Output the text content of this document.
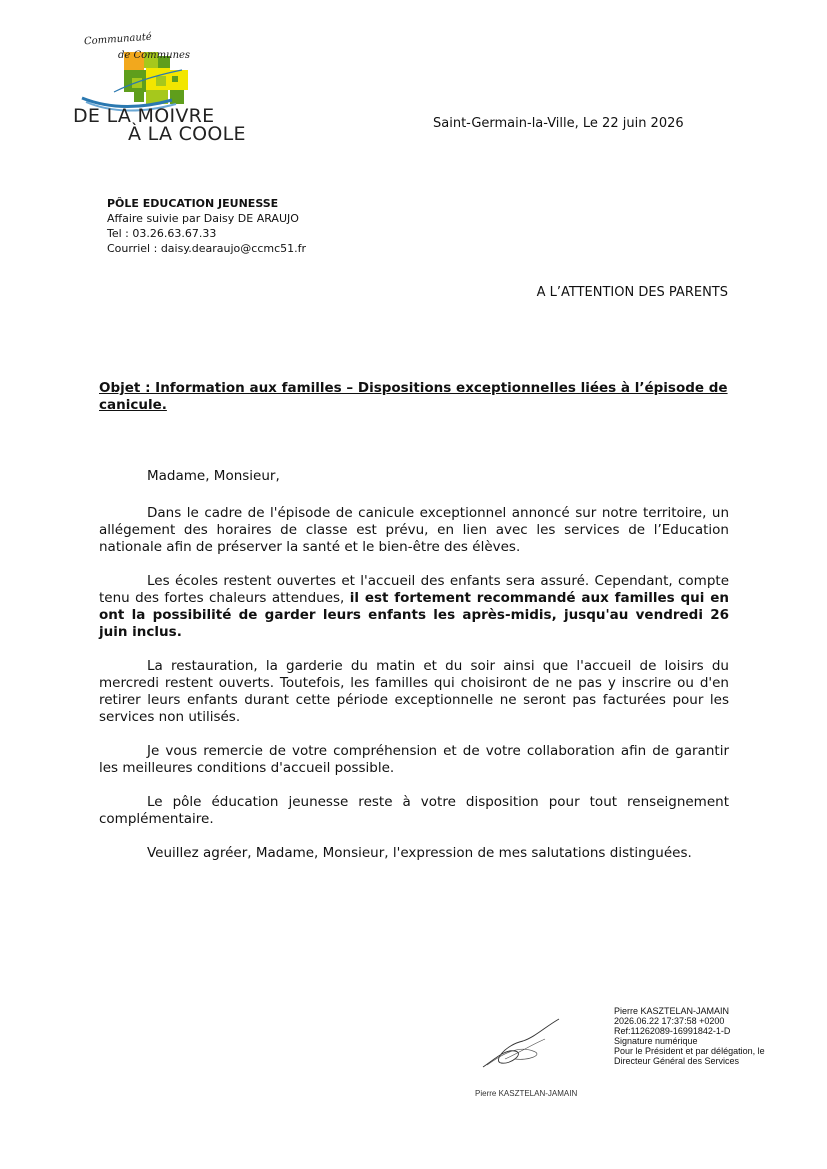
Communauté
de Communes
DE LA MOIVRE
À LA COOLE	Saint-Germain-la-Ville, Le 22 juin 2026
PÔLE EDUCATION JEUNESSE
Affaire suivie par Daisy DE ARAUJO
Tel : 03.26.63.67.33
Courriel : daisy.dearaujo@ccmc51.fr
A L’ATTENTION DES PARENTS
Objet : Information aux familles – Dispositions exceptionnelles liées à l’épisode de canicule.

Madame, Monsieur,

Dans le cadre de l'épisode de canicule exceptionnel annoncé sur notre territoire, un allégement des horaires de classe est prévu, en lien avec les services de l’Education nationale afin de préserver la santé et le bien-être des élèves.

Les écoles restent ouvertes et l'accueil des enfants sera assuré. Cependant, compte tenu des fortes chaleurs attendues, il est fortement recommandé aux familles qui en ont la possibilité de garder leurs enfants les après-midis, jusqu'au vendredi 26 juin inclus.

La restauration, la garderie du matin et du soir ainsi que l'accueil de loisirs du mercredi restent ouverts. Toutefois, les familles qui choisiront de ne pas y inscrire ou d'en retirer leurs enfants durant cette période exceptionnelle ne seront pas facturées pour les services non utilisés.

Je vous remercie de votre compréhension et de votre collaboration afin de garantir les meilleures conditions d'accueil possible.

Le pôle éducation jeunesse reste à votre disposition pour tout renseignement complémentaire.

Veuillez agréer, Madame, Monsieur, l'expression de mes salutations distinguées.

Pierre KASZTELAN-JAMAIN
2026.06.22 17:37:58 +0200
Ref:11262089-16991842-1-D
Signature numérique
Pour le Président et par délégation, le
Directeur Général des Services
Pierre KASZTELAN-JAMAIN
